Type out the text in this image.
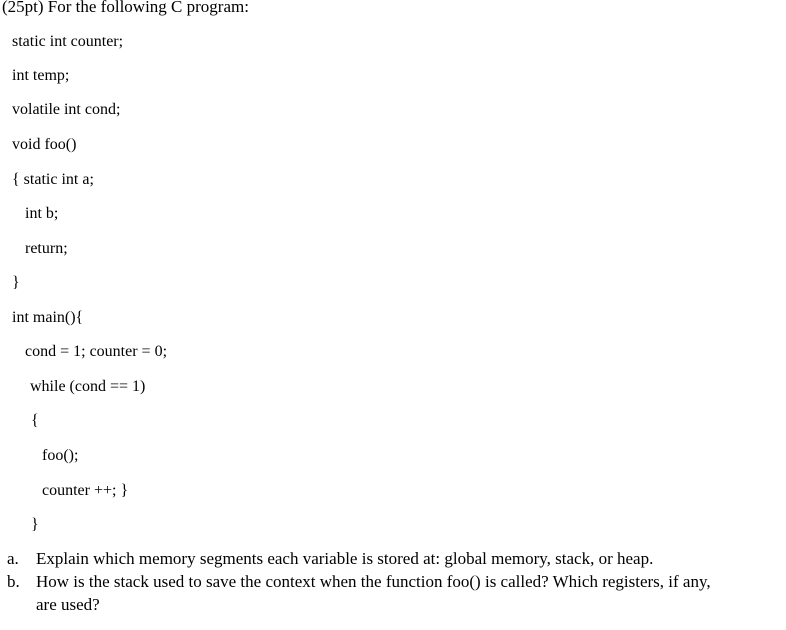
(25pt) For the following C program:
static int counter;
int temp;
volatile int cond;
void foo()
{ static int a;
int b;
return;
}
int main(){
cond = 1; counter = 0;
while (cond == 1)
{
foo();
counter ++; }
}
a. Explain which memory segments each variable is stored at: global memory, stack, or heap.
b. How is the stack used to save the context when the function foo() is called? Which registers, if any,
are used?
